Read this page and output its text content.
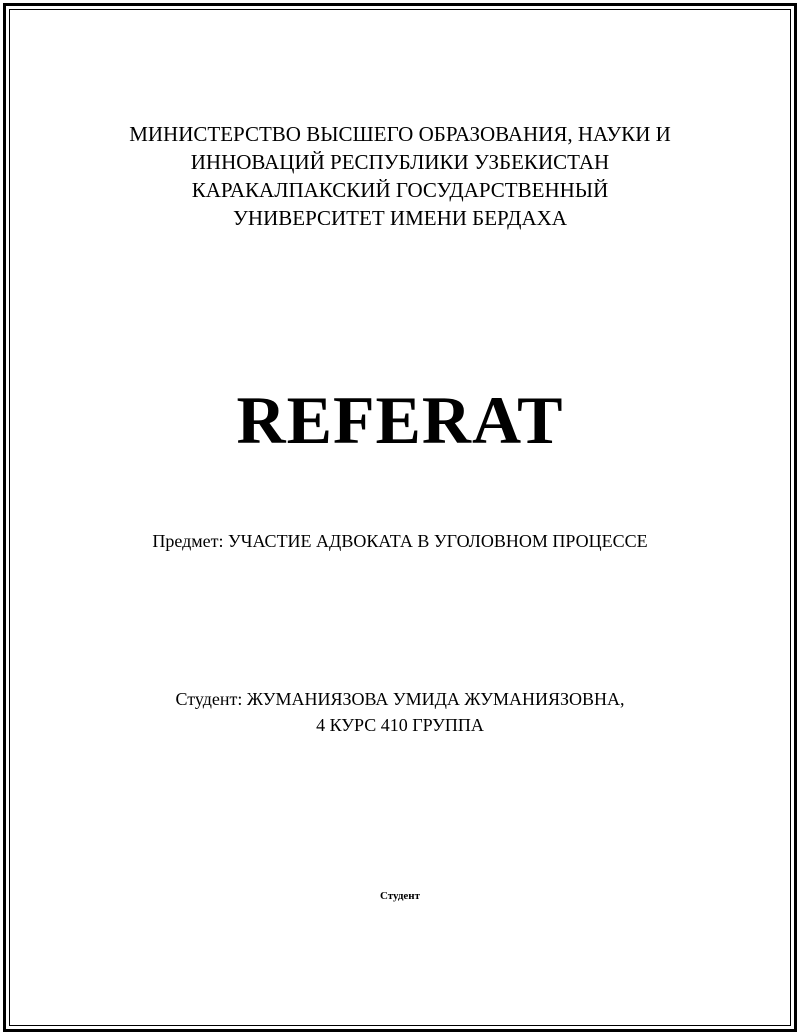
МИНИСТЕРСТВО ВЫСШЕГО ОБРАЗОВАНИЯ, НАУКИ И
ИННОВАЦИЙ РЕСПУБЛИКИ УЗБЕКИСТАН
КАРАКАЛПАКСКИЙ ГОСУДАРСТВЕННЫЙ
УНИВЕРСИТЕТ ИМЕНИ БЕРДАХА
REFERAT
Предмет: УЧАСТИЕ АДВОКАТА В УГОЛОВНОМ ПРОЦЕССЕ
Студент: ЖУМАНИЯЗОВА УМИДА ЖУМАНИЯЗОВНА,
4 КУРС 410 ГРУППА
Студент
